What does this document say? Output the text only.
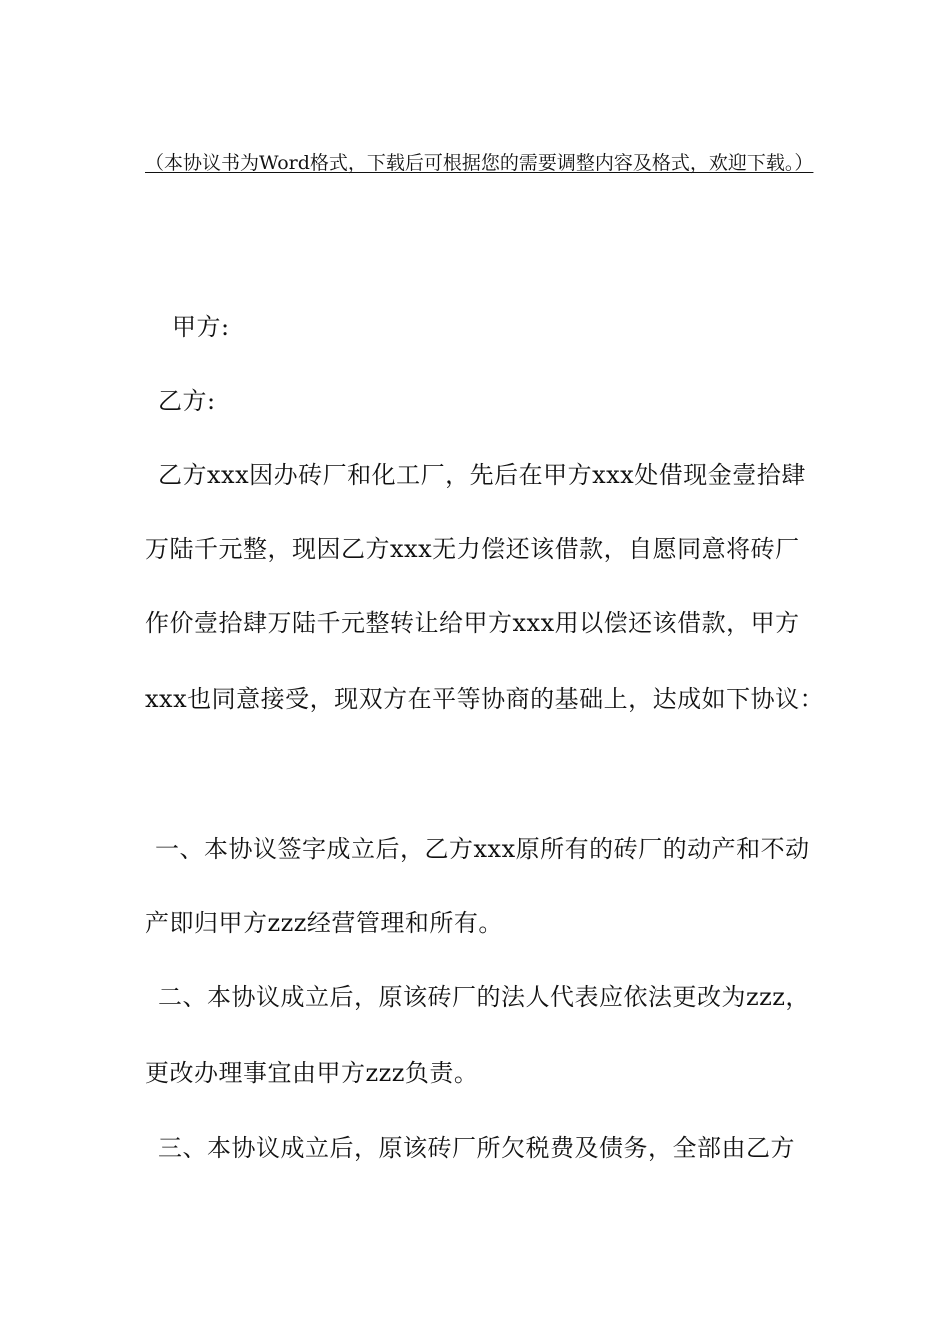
（本协议书为Word格式，下载后可根据您的需要调整内容及格式，欢迎下载。）
甲方:
乙方:
乙方xxx因办砖厂和化工厂，先后在甲方xxx处借现金壹拾肆
万陆千元整，现因乙方xxx无力偿还该借款，自愿同意将砖厂
作价壹拾肆万陆千元整转让给甲方xxx用以偿还该借款，甲方
xxx也同意接受，现双方在平等协商的基础上，达成如下协议：
一、本协议签字成立后，乙方xxx原所有的砖厂的动产和不动
产即归甲方zzz经营管理和所有。
二、本协议成立后，原该砖厂的法人代表应依法更改为zzz，
更改办理事宜由甲方zzz负责。
三、本协议成立后，原该砖厂所欠税费及债务，全部由乙方
